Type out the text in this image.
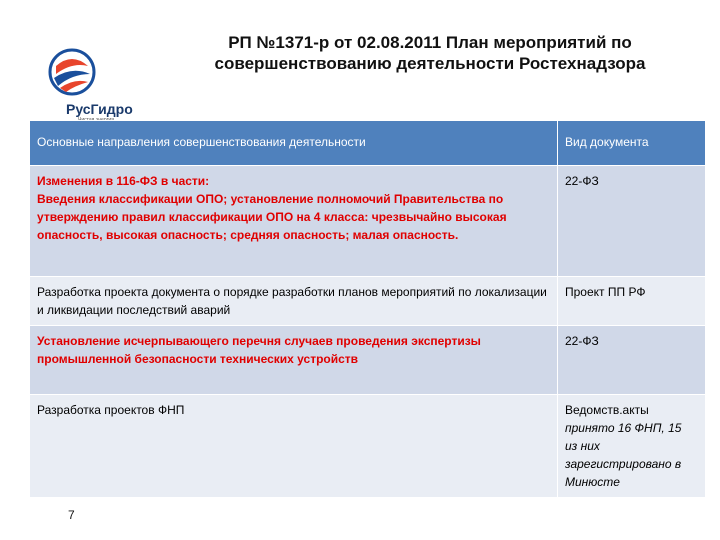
РусГидро
РП №1371-р от 02.08.2011 План мероприятий по
совершенствованию деятельности Ростехнадзора
Основные направления совершенствования деятельности	Вид документа

Изменения в 116-ФЗ в части:
Введения классификации ОПО; установление полномочий Правительства по утверждению правил классификации ОПО на 4 класса: чрезвычайно высокая опасность, высокая опасность; средняя опасность; малая опасность.	22-ФЗ
Разработка проекта документа о порядке разработки планов мероприятий по локализации и ликвидации последствий аварий	Проект ПП РФ
Установление исчерпывающего перечня случаев проведения экспертизы промышленной безопасности технических устройств	22-ФЗ
Разработка проектов ФНП	Ведомств.акты
принято 16 ФНП, 15 из них зарегистрировано в Минюсте
7
